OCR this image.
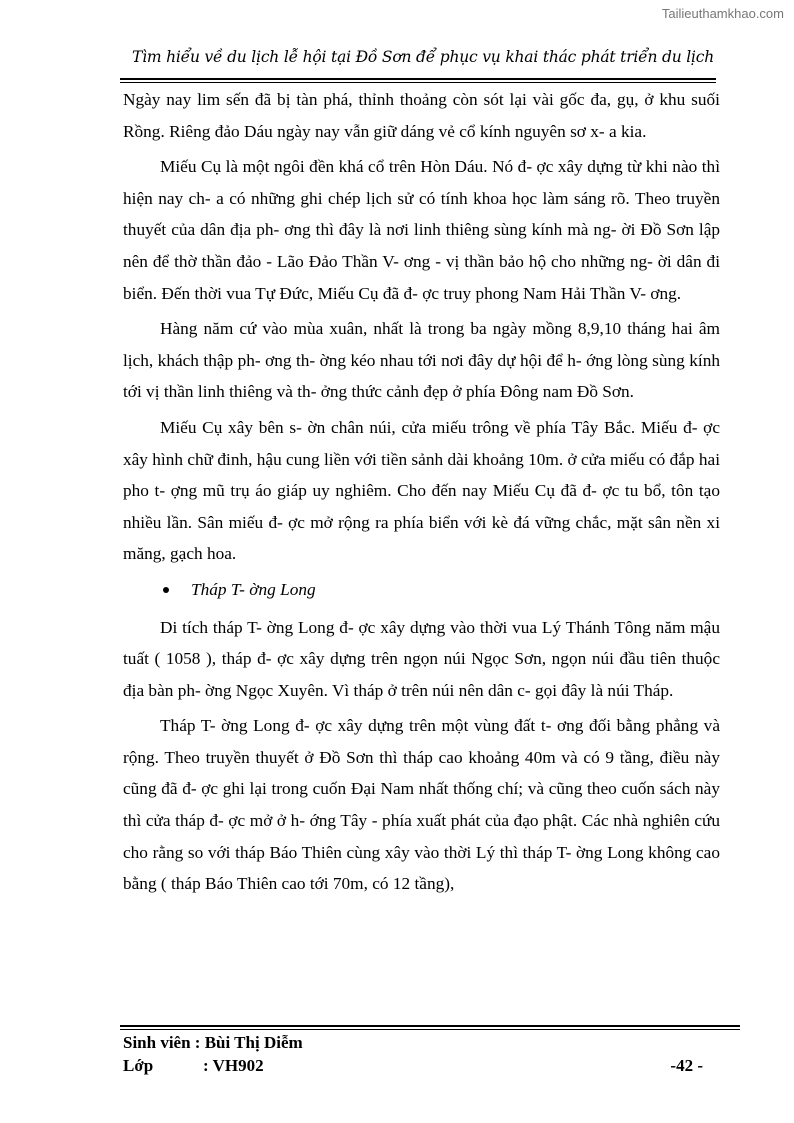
Tailieuthamkhao.com
Tìm hiểu về du lịch lễ hội tại Đồ Sơn để phục vụ khai thác phát triển du lịch

Ngày nay lim sến đã bị tàn phá, thỉnh thoảng còn sót lại vài gốc đa, gụ, ở khu suối Rồng. Riêng đảo Dáu ngày nay vẫn giữ dáng vẻ cổ kính nguyên sơ x- a kia.

Miếu Cụ là một ngôi đền khá cổ trên Hòn Dáu. Nó đ- ợc xây dựng từ khi nào thì hiện nay ch- a có những ghi chép lịch sử có tính khoa học làm sáng rõ. Theo truyền thuyết của dân địa ph- ơng thì đây là nơi linh thiêng sùng kính mà ng- ời Đồ Sơn lập nên để thờ thần đảo - Lão Đảo Thần V- ơng - vị thần bảo hộ cho những ng- ời dân đi biển. Đến thời vua Tự Đức, Miếu Cụ đã đ- ợc truy phong Nam Hải Thần V- ơng.

Hàng năm cứ vào mùa xuân, nhất là trong ba ngày mồng 8,9,10 tháng hai âm lịch, khách thập ph- ơng th- ờng kéo nhau tới nơi đây dự hội để h- ớng lòng sùng kính tới vị thần linh thiêng và th- ởng thức cảnh đẹp ở phía Đông nam Đồ Sơn.

Miếu Cụ xây bên s- ờn chân núi, cửa miếu trông về phía Tây Bắc. Miếu đ- ợc xây hình chữ đinh, hậu cung liền với tiền sảnh dài khoảng 10m. ở cửa miếu có đắp hai pho t- ợng mũ trụ áo giáp uy nghiêm. Cho đến nay Miếu Cụ đã đ- ợc tu bổ, tôn tạo nhiều lần. Sân miếu đ- ợc mở rộng ra phía biển với kè đá vững chắc, mặt sân nền xi măng, gạch hoa.

Tháp T- ờng Long

Di tích tháp T- ờng Long đ- ợc xây dựng vào thời vua Lý Thánh Tông năm mậu tuất ( 1058 ), tháp đ- ợc xây dựng trên ngọn núi Ngọc Sơn, ngọn núi đầu tiên thuộc địa bàn ph- ờng Ngọc Xuyên. Vì tháp ở trên núi nên dân c- gọi đây là núi Tháp.

Tháp T- ờng Long đ- ợc xây dựng trên một vùng đất t- ơng đối bằng phẳng và rộng. Theo truyền thuyết ở Đồ Sơn thì tháp cao khoảng 40m và có 9 tầng, điều này cũng đã đ- ợc ghi lại trong cuốn Đại Nam nhất thống chí; và cũng theo cuốn sách này thì cửa tháp đ- ợc mở ở h- ớng Tây - phía xuất phát của đạo phật. Các nhà nghiên cứu cho rằng so với tháp Báo Thiên cùng xây vào thời Lý thì tháp T- ờng Long không cao bằng ( tháp Báo Thiên cao tới 70m, có 12 tầng),

Sinh viên : Bùi Thị Diễm
Lớp	: VH902	-42 -
